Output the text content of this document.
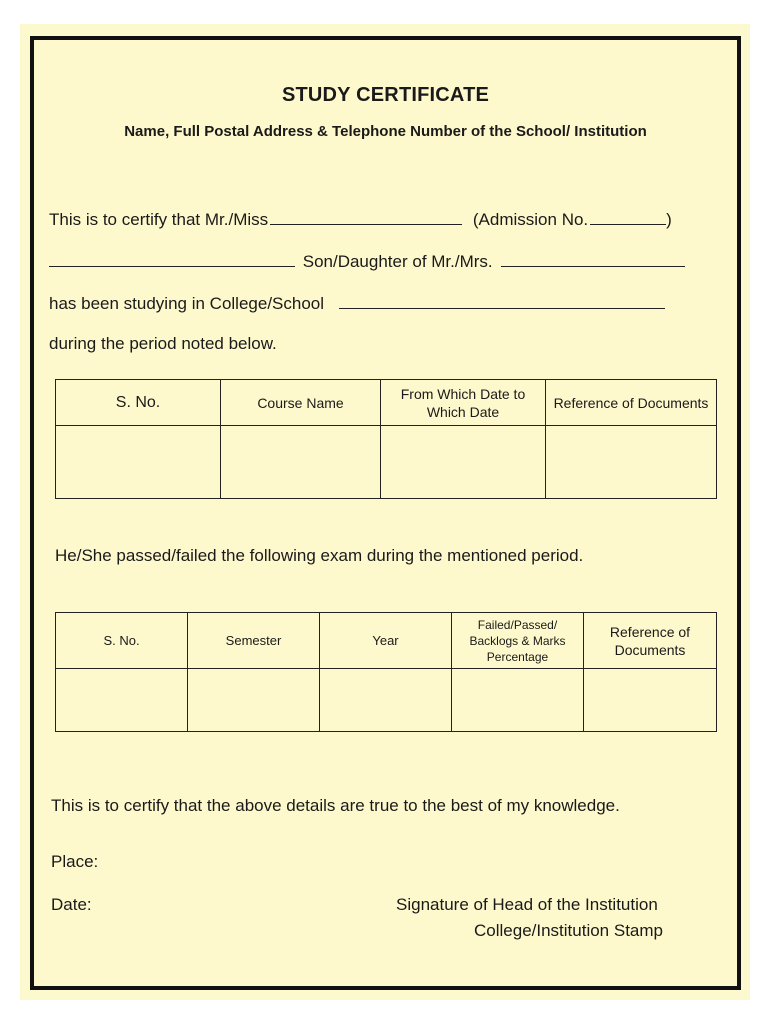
STUDY CERTIFICATE
Name, Full Postal Address & Telephone Number of the School/ Institution
This is to certify that Mr./Miss	(Admission No.	)
Son/Daughter of Mr./Mrs.
has been studying in College/School
during the period noted below.
S. No.	Course Name	From Which Date to Which Date	Reference of Documents

He/She passed/failed the following exam during the mentioned period.
S. No.	Semester	Year	Failed/Passed/ Backlogs & Marks Percentage	Reference of Documents

This is to certify that the above details are true to the best of my knowledge.
Place:
Date:	Signature of Head of the Institution
College/Institution Stamp
